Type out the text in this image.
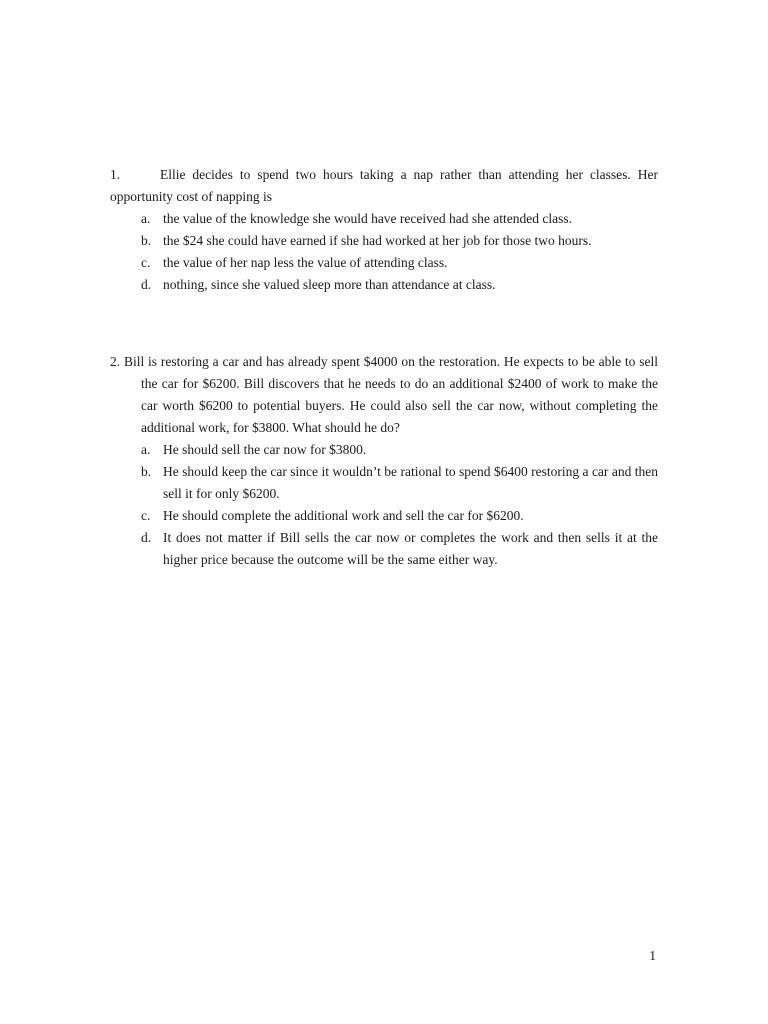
1.	Ellie decides to spend two hours taking a nap rather than attending her classes. Her opportunity cost of napping is

a. the value of the knowledge she would have received had she attended class.
b. the $24 she could have earned if she had worked at her job for those two hours.
c. the value of her nap less the value of attending class.
d. nothing, since she valued sleep more than attendance at class.

2. Bill is restoring a car and has already spent $4000 on the restoration. He expects to be able to sell the car for $6200. Bill discovers that he needs to do an additional $2400 of work to make the car worth $6200 to potential buyers. He could also sell the car now, without completing the additional work, for $3800. What should he do?

a. He should sell the car now for $3800.
b. He should keep the car since it wouldn’t be rational to spend $6400 restoring a car and then sell it for only $6200.
c. He should complete the additional work and sell the car for $6200.
d. It does not matter if Bill sells the car now or completes the work and then sells it at the higher price because the outcome will be the same either way.
1
